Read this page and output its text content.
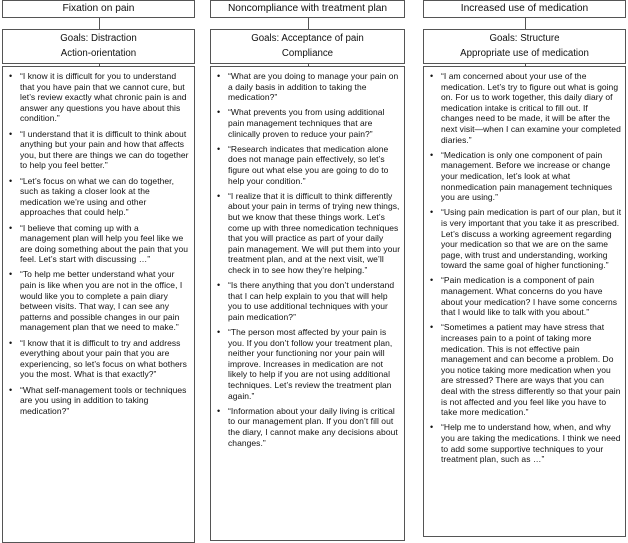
Fixation on pain
Goals: Distraction
Action-orientation
• “I know it is difficult for you to understand that you have pain that we cannot cure, but let’s review exactly what chronic pain is and answer any questions you have about this condition.”
• “I understand that it is difficult to think about anything but your pain and how that affects you, but there are things we can do together to help you feel better.”
• “Let’s focus on what we can do together, such as taking a closer look at the medication we’re using and other approaches that could help.”
• “I believe that coming up with a management plan will help you feel like we are doing something about the pain that you feel. Let’s start with discussing …”
• “To help me better understand what your pain is like when you are not in the office, I would like you to complete a pain diary between visits. That way, I can see any patterns and possible changes in our pain management plan that we need to make.”
• “I know that it is difficult to try and address everything about your pain that you are experiencing, so let’s focus on what bothers you the most. What is that exactly?”
• “What self-management tools or techniques are you using in addition to taking medication?”
Noncompliance with treatment plan
Goals: Acceptance of pain
Compliance
• “What are you doing to manage your pain on a daily basis in addition to taking the medication?”
• “What prevents you from using additional pain management techniques that are clinically proven to reduce your pain?”
• “Research indicates that medication alone does not manage pain effectively, so let’s figure out what else you are going to do to help your condition.”
• “I realize that it is difficult to think differently about your pain in terms of trying new things, but we know that these things work. Let’s come up with three nomedication techniques that you will practice as part of your daily pain management. We will put them into your treatment plan, and at the next visit, we’ll check in to see how they’re helping.”
• “Is there anything that you don’t understand that I can help explain to you that will help you to use additional techniques with your pain medication?”
• “The person most affected by your pain is you. If you don’t follow your treatment plan, neither your functioning nor your pain will improve. Increases in medication are not likely to help if you are not using additional techniques. Let’s review the treatment plan again.”
• “Information about your daily living is critical to our management plan. If you don’t fill out the diary, I cannot make any decisions about changes.”
Increased use of medication
Goals: Structure
Appropriate use of medication
• “I am concerned about your use of the medication. Let’s try to figure out what is going on. For us to work together, this daily diary of medication intake is critical to fill out. If changes need to be made, it will be after the next visit—when I can examine your completed diaries.”
• “Medication is only one component of pain management. Before we increase or change your medication, let’s look at what nonmedication pain management techniques you are using.”
• “Using pain medication is part of our plan, but it is very important that you take it as prescribed. Let’s discuss a working agreement regarding your medication so that we are on the same page, with trust and understanding, working toward the same goal of higher functioning.”
• “Pain medication is a component of pain management. What concerns do you have about your medication? I have some concerns that I would like to talk with you about.”
• “Sometimes a patient may have stress that increases pain to a point of taking more medication. This is not effective pain management and can become a problem. Do you notice taking more medication when you are stressed? There are ways that you can deal with the stress differently so that your pain is not affected and you feel like you have to take more medication.”
• “Help me to understand how, when, and why you are taking the medications. I think we need to add some supportive techniques to your treatment plan, such as …”
